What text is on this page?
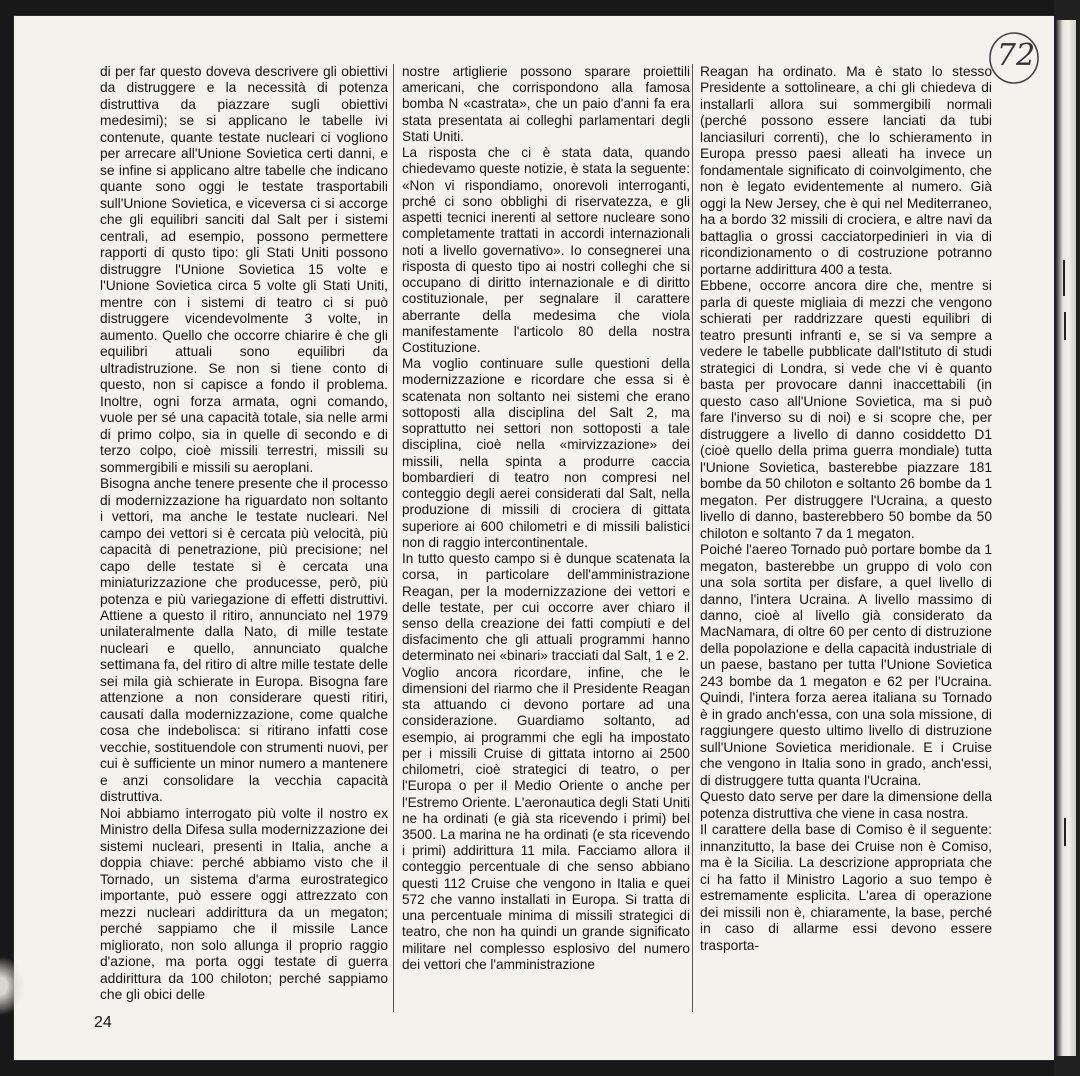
72

di per far questo doveva descrivere gli obiettivi da distruggere e la necessità di potenza distruttiva da piazzare sugli obiettivi medesimi); se si applicano le tabelle ivi contenute, quante testate nucleari ci vogliono per arrecare all'Unione Sovietica certi danni, e se infine si applicano altre tabelle che indicano quante sono oggi le testate trasportabili sull'Unione Sovietica, e viceversa ci si accorge che gli equilibri sanciti dal Salt per i sistemi centrali, ad esempio, possono permettere rapporti di qusto tipo: gli Stati Uniti possono distruggre l'Unione Sovietica 15 volte e l'Unione Sovietica circa 5 volte gli Stati Uniti, mentre con i sistemi di teatro ci si può distruggere vicendevolmente 3 volte, in aumento. Quello che occorre chiarire è che gli equilibri attuali sono equilibri da ultradistruzione. Se non si tiene conto di questo, non si capisce a fondo il problema. Inoltre, ogni forza armata, ogni comando, vuole per sé una capacità totale, sia nelle armi di primo colpo, sia in quelle di secondo e di terzo colpo, cioè missili terrestri, missili su sommergibili e missili su aeroplani.

Bisogna anche tenere presente che il processo di modernizzazione ha riguardato non soltanto i vettori, ma anche le testate nucleari. Nel campo dei vettori si è cercata più velocità, più capacità di penetrazione, più precisione; nel capo delle testate si è cercata una miniaturizzazione che producesse, però, più potenza e più variegazione di effetti distruttivi. Attiene a questo il ritiro, annunciato nel 1979 unilateralmente dalla Nato, di mille testate nucleari e quello, annunciato qualche settimana fa, del ritiro di altre mille testate delle sei mila già schierate in Europa. Bisogna fare attenzione a non considerare questi ritiri, causati dalla modernizzazione, come qualche cosa che indebolisca: si ritirano infatti cose vecchie, sostituendole con strumenti nuovi, per cui è sufficiente un minor numero a mantenere e anzi consolidare la vecchia capacità distruttiva.

Noi abbiamo interrogato più volte il nostro ex Ministro della Difesa sulla modernizzazione dei sistemi nucleari, presenti in Italia, anche a doppia chiave: perché abbiamo visto che il Tornado, un sistema d'arma eurostrategico importante, può essere oggi attrezzato con mezzi nucleari addirittura da un megaton; perché sappiamo che il missile Lance migliorato, non solo allunga il proprio raggio d'azione, ma porta oggi testate di guerra addirittura da 100 chiloton; perché sappiamo che gli obici delle

nostre artiglierie possono sparare proiettili americani, che corrispondono alla famosa bomba N «castrata», che un paio d'anni fa era stata presentata ai colleghi parlamentari degli Stati Uniti.

La risposta che ci è stata data, quando chiedevamo queste notizie, è stata la seguente: «Non vi rispondiamo, onorevoli interroganti, prché ci sono obblighi di riservatezza, e gli aspetti tecnici inerenti al settore nucleare sono completamente trattati in accordi internazionali noti a livello governativo». Io consegnerei una risposta di questo tipo ai nostri colleghi che si occupano di diritto internazionale e di diritto costituzionale, per segnalare il carattere aberrante della medesima che viola manifestamente l'articolo 80 della nostra Costituzione.

Ma voglio continuare sulle questioni della modernizzazione e ricordare che essa si è scatenata non soltanto nei sistemi che erano sottoposti alla disciplina del Salt 2, ma soprattutto nei settori non sottoposti a tale disciplina, cioè nella «mirvizzazione» dei missili, nella spinta a produrre caccia bombardieri di teatro non compresi nel conteggio degli aerei considerati dal Salt, nella produzione di missili di crociera di gittata superiore ai 600 chilometri e di missili balistici non di raggio intercontinentale.

In tutto questo campo si è dunque scatenata la corsa, in particolare dell'amministrazione Reagan, per la modernizzazione dei vettori e delle testate, per cui occorre aver chiaro il senso della creazione dei fatti compiuti e del disfacimento che gli attuali programmi hanno determinato nei «binari» tracciati dal Salt, 1 e 2.

Voglio ancora ricordare, infine, che le dimensioni del riarmo che il Presidente Reagan sta attuando ci devono portare ad una considerazione. Guardiamo soltanto, ad esempio, ai programmi che egli ha impostato per i missili Cruise di gittata intorno ai 2500 chilometri, cioè strategici di teatro, o per l'Europa o per il Medio Oriente o anche per l'Estremo Oriente. L'aeronautica degli Stati Uniti ne ha ordinati (e già sta ricevendo i primi) bel 3500. La marina ne ha ordinati (e sta ricevendo i primi) addirittura 11 mila. Facciamo allora il conteggio percentuale di che senso abbiano questi 112 Cruise che vengono in Italia e quei 572 che vanno installati in Europa. Si tratta di una percentuale minima di missili strategici di teatro, che non ha quindi un grande significato militare nel complesso esplosivo del numero dei vettori che l'amministrazione

Reagan ha ordinato. Ma è stato lo stesso Presidente a sottolineare, a chi gli chiedeva di installarli allora sui sommergibili normali (perché possono essere lanciati da tubi lanciasiluri correnti), che lo schieramento in Europa presso paesi alleati ha invece un fondamentale significato di coinvolgimento, che non è legato evidentemente al numero. Già oggi la New Jersey, che è qui nel Mediterraneo, ha a bordo 32 missili di crociera, e altre navi da battaglia o grossi cacciatorpedinieri in via di ricondizionamento o di costruzione potranno portarne addirittura 400 a testa.

Ebbene, occorre ancora dire che, mentre si parla di queste migliaia di mezzi che vengono schierati per raddrizzare questi equilibri di teatro presunti infranti e, se si va sempre a vedere le tabelle pubblicate dall'Istituto di studi strategici di Londra, si vede che vi è quanto basta per provocare danni inaccettabili (in questo caso all'Unione Sovietica, ma si può fare l'inverso su di noi) e si scopre che, per distruggere a livello di danno cosiddetto D1 (cioè quello della prima guerra mondiale) tutta l'Unione Sovietica, basterebbe piazzare 181 bombe da 50 chiloton e soltanto 26 bombe da 1 megaton. Per distruggere l'Ucraina, a questo livello di danno, basterebbero 50 bombe da 50 chiloton e soltanto 7 da 1 megaton.

Poiché l'aereo Tornado può portare bombe da 1 megaton, basterebbe un gruppo di volo con una sola sortita per disfare, a quel livello di danno, l'intera Ucraina. A livello massimo di danno, cioè al livello già considerato da MacNamara, di oltre 60 per cento di distruzione della popolazione e della capacità industriale di un paese, bastano per tutta l'Unione Sovietica 243 bombe da 1 megaton e 62 per l'Ucraina. Quindi, l'intera forza aerea italiana su Tornado è in grado anch'essa, con una sola missione, di raggiungere questo ultimo livello di distruzione sull'Unione Sovietica meridionale. E i Cruise che vengono in Italia sono in grado, anch'essi, di distruggere tutta quanta l'Ucraina.

Questo dato serve per dare la dimensione della potenza distruttiva che viene in casa nostra.

Il carattere della base di Comiso è il seguente: innanzitutto, la base dei Cruise non è Comiso, ma è la Sicilia. La descrizione appropriata che ci ha fatto il Ministro Lagorio a suo tempo è estremamente esplicita. L'area di operazione dei missili non è, chiaramente, la base, perché in caso di allarme essi devono essere trasporta-

24
